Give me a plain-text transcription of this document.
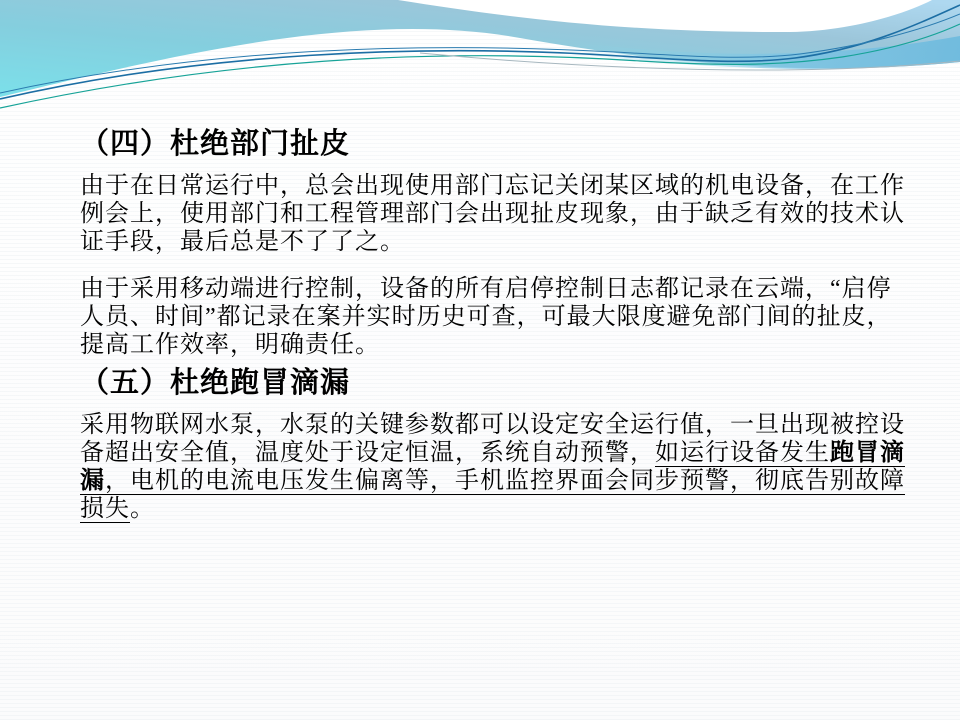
（四）杜绝部门扯皮
由于在日常运行中，总会出现使用部门忘记关闭某区域的机电设备，在工作
例会上，使用部门和工程管理部门会出现扯皮现象，由于缺乏有效的技术认
证手段，最后总是不了了之。
由于采用移动端进行控制，设备的所有启停控制日志都记录在云端，“启停
人员、时间”都记录在案并实时历史可查，可最大限度避免部门间的扯皮，
提高工作效率，明确责任。
（五）杜绝跑冒滴漏
采用物联网水泵，水泵的关键参数都可以设定安全运行值，一旦出现被控设
备超出安全值，温度处于设定恒温，系统自动预警，如运行设备发生跑冒滴
漏，电机的电流电压发生偏离等，手机监控界面会同步预警，彻底告别故障
损失。
